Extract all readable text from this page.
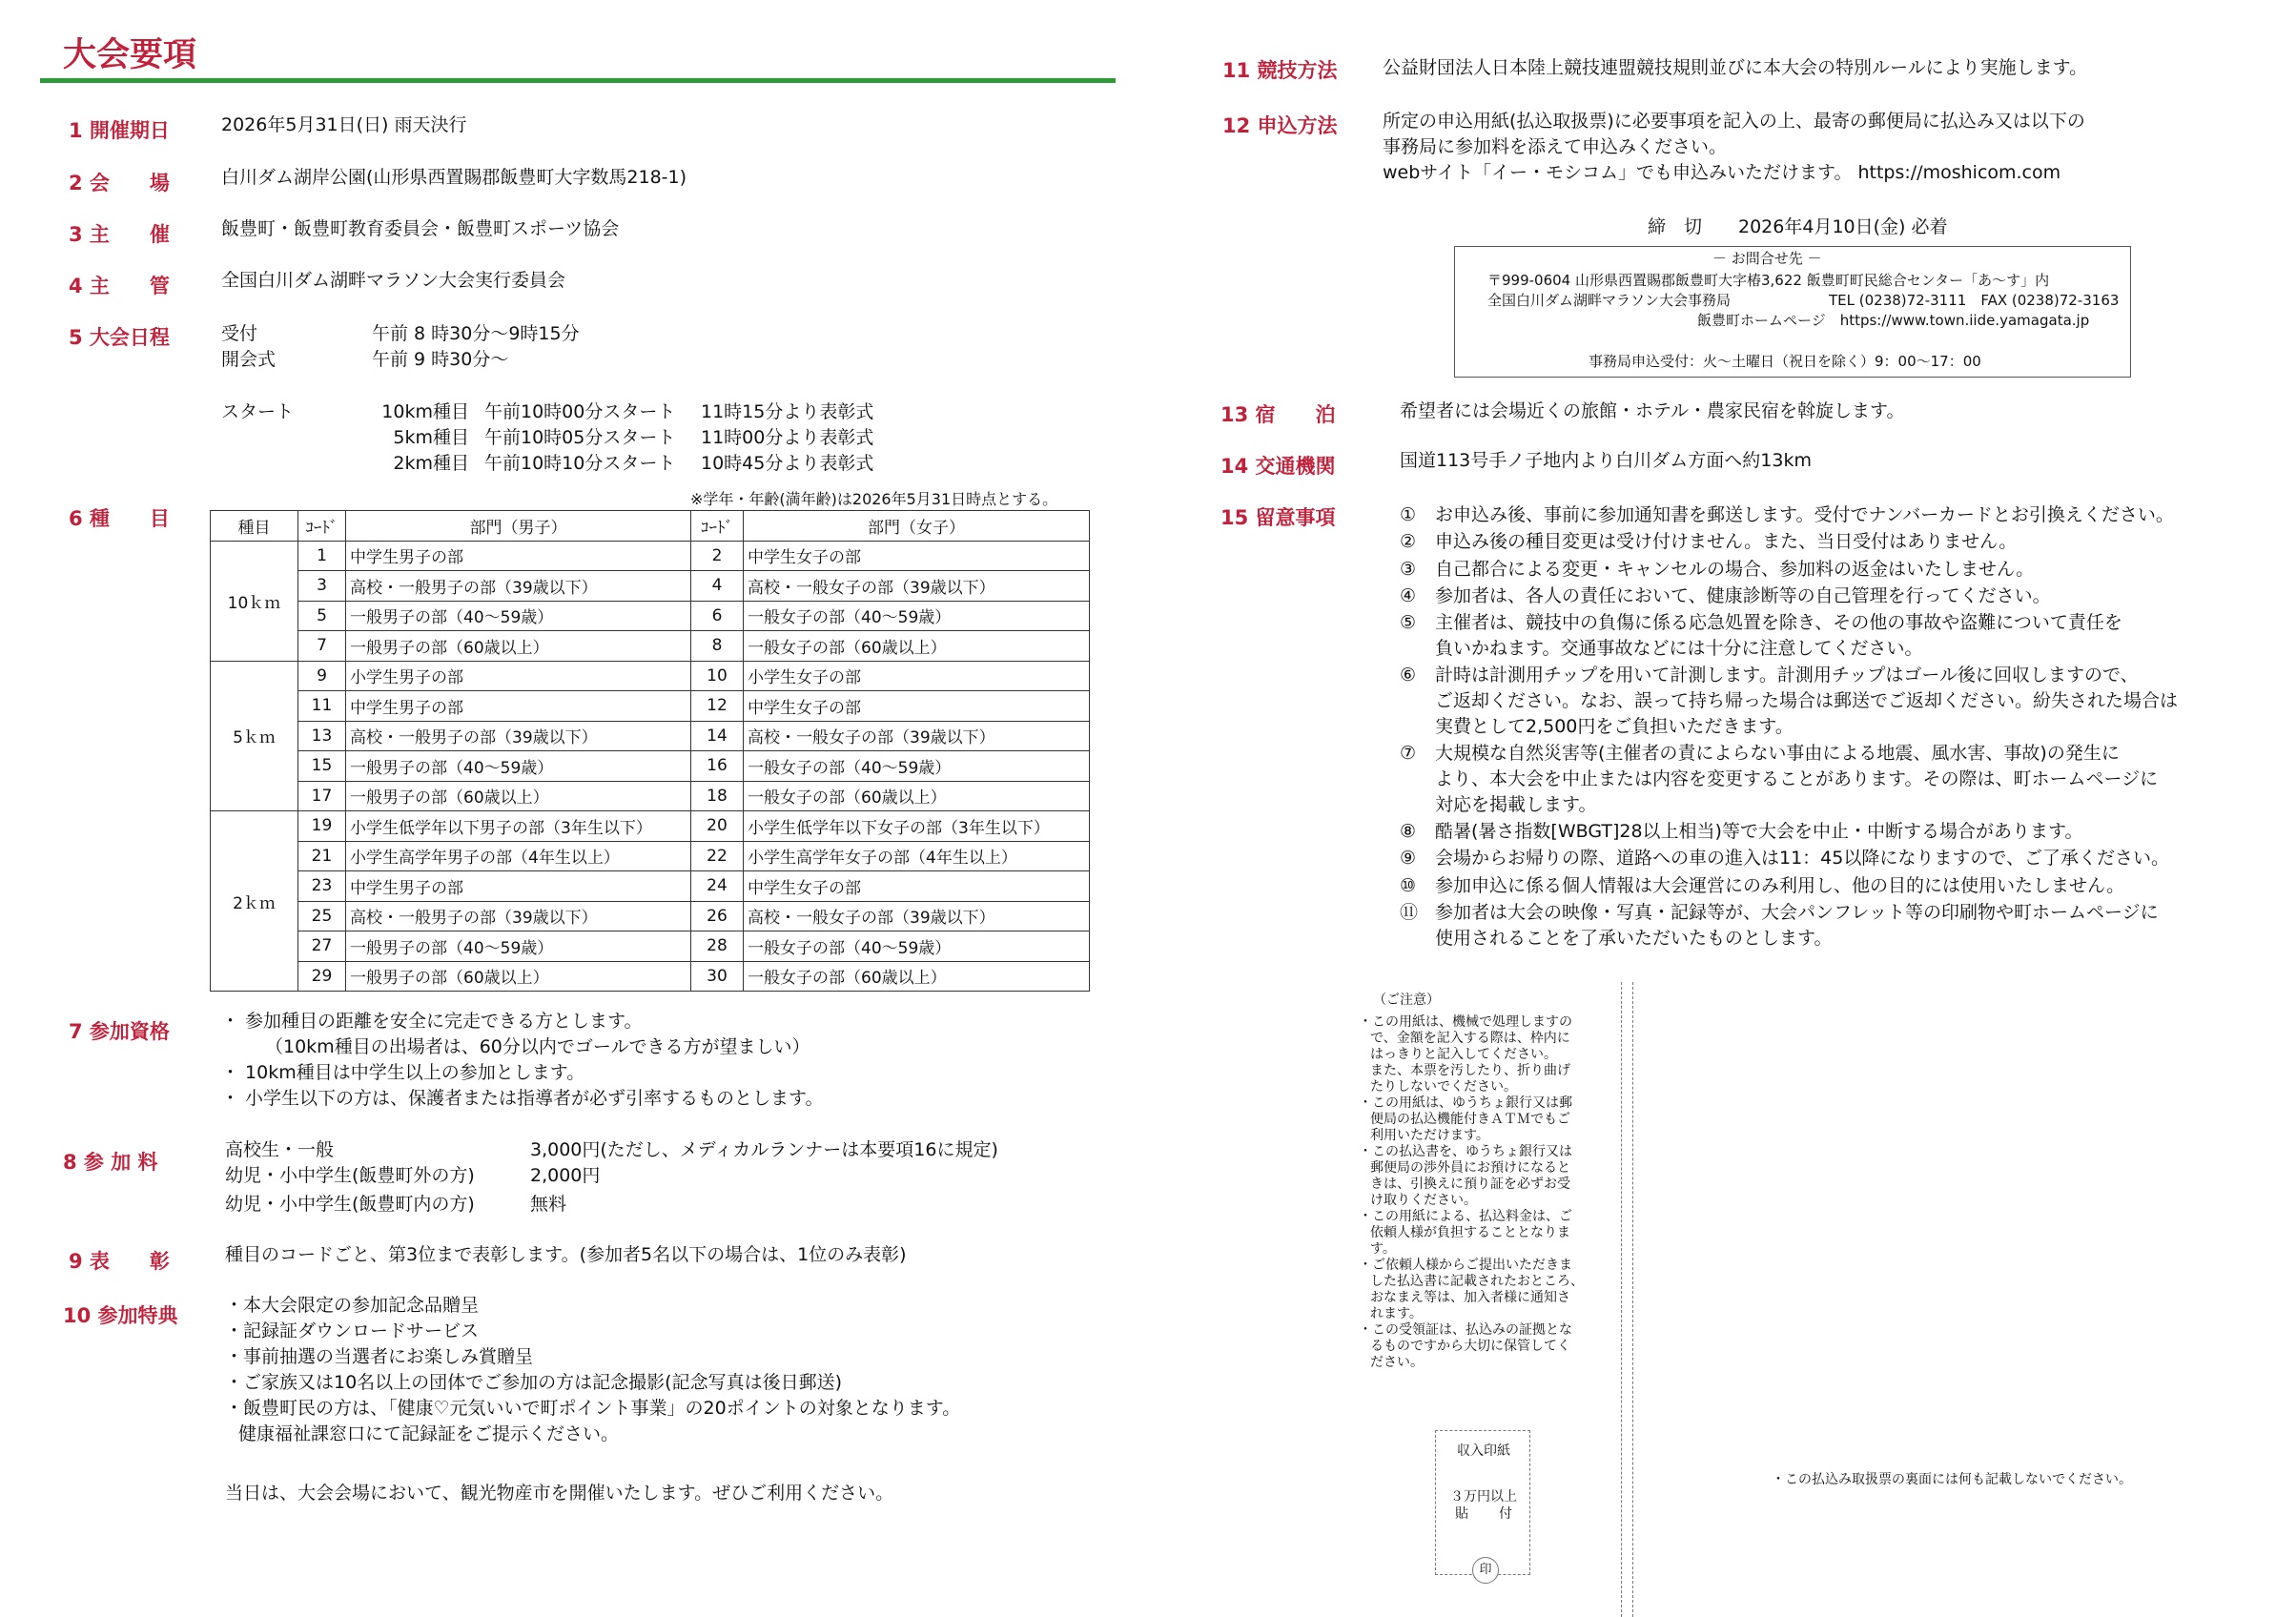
大会要項
1 開催期日	2026年5月31日(日) 雨天決行
2 会　　場	白川ダム湖岸公園(山形県西置賜郡飯豊町大字数馬218-1)
3 主　　催	飯豊町・飯豊町教育委員会・飯豊町スポーツ協会
4 主　　管	全国白川ダム湖畔マラソン大会実行委員会
5 大会日程	受付	午前 8 時30分～9時15分
開会式	午前 9 時30分～
スタート	10km種目 午前10時00分スタート 11時15分より表彰式
5km種目 午前10時05分スタート 11時00分より表彰式
2km種目 午前10時10分スタート 10時45分より表彰式
6 種　　目
※学年・年齢(満年齢)は2026年5月31日時点とする。
種目	ｺｰﾄﾞ	部門（男子）	ｺｰﾄﾞ	部門（女子）
10ｋｍ	1	中学生男子の部	2	中学生女子の部
	3	高校・一般男子の部（39歳以下）	4	高校・一般女子の部（39歳以下）
	5	一般男子の部（40～59歳）	6	一般女子の部（40～59歳）
	7	一般男子の部（60歳以上）	8	一般女子の部（60歳以上）
5ｋｍ	9	小学生男子の部	10	小学生女子の部
	11	中学生男子の部	12	中学生女子の部
	13	高校・一般男子の部（39歳以下）	14	高校・一般女子の部（39歳以下）
	15	一般男子の部（40～59歳）	16	一般女子の部（40～59歳）
	17	一般男子の部（60歳以上）	18	一般女子の部（60歳以上）
2ｋｍ	19	小学生低学年以下男子の部（3年生以下）	20	小学生低学年以下女子の部（3年生以下）
	21	小学生高学年男子の部（4年生以上）	22	小学生高学年女子の部（4年生以上）
	23	中学生男子の部	24	中学生女子の部
	25	高校・一般男子の部（39歳以下）	26	高校・一般女子の部（39歳以下）
	27	一般男子の部（40～59歳）	28	一般女子の部（40～59歳）
	29	一般男子の部（60歳以上）	30	一般女子の部（60歳以上）
7 参加資格	・ 参加種目の距離を安全に完走できる方とします。
（10km種目の出場者は、60分以内でゴールできる方が望ましい）
・ 10km種目は中学生以上の参加とします。
・ 小学生以下の方は、保護者または指導者が必ず引率するものとします。
8 参 加 料
高校生・一般	3,000円(ただし、メディカルランナーは本要項16に規定)
幼児・小中学生(飯豊町外の方)	2,000円
幼児・小中学生(飯豊町内の方)	無料
9 表　　彰	種目のコードごと、第3位まで表彰します。(参加者5名以下の場合は、1位のみ表彰)
10 参加特典	・本大会限定の参加記念品贈呈
・記録証ダウンロードサービス
・事前抽選の当選者にお楽しみ賞贈呈
・ご家族又は10名以上の団体でご参加の方は記念撮影(記念写真は後日郵送)
・飯豊町民の方は、「健康♡元気いいで町ポイント事業」の20ポイントの対象となります。
健康福祉課窓口にて記録証をご提示ください。
当日は、大会会場において、観光物産市を開催いたします。ぜひご利用ください。
11 競技方法 公益財団法人日本陸上競技連盟競技規則並びに本大会の特別ルールにより実施します。
12 申込方法 所定の申込用紙(払込取扱票)に必要事項を記入の上、最寄の郵便局に払込み又は以下の
事務局に参加料を添えて申込みください。
webサイト「イー・モシコム」でも申込みいただけます。 https://moshicom.com
締　切　　2026年4月10日(金) 必着
－ お問合せ先 －
〒999-0604 山形県西置賜郡飯豊町大字椿3,622 飯豊町町民総合センター「あ～す」内
全国白川ダム湖畔マラソン大会事務局	TEL (0238)72-3111　FAX (0238)72-3163
飯豊町ホームページ　https://www.town.iide.yamagata.jp
事務局申込受付：火～土曜日（祝日を除く）9：00～17：00
13 宿　　泊	希望者には会場近くの旅館・ホテル・農家民宿を斡旋します。
14 交通機関	国道113号手ノ子地内より白川ダム方面へ約13km
15 留意事項	① お申込み後、事前に参加通知書を郵送します。受付でナンバーカードとお引換えください。
② 申込み後の種目変更は受け付けません。また、当日受付はありません。
③ 自己都合による変更・キャンセルの場合、参加料の返金はいたしません。
④ 参加者は、各人の責任において、健康診断等の自己管理を行ってください。
⑤ 主催者は、競技中の負傷に係る応急処置を除き、その他の事故や盗難について責任を
負いかねます。交通事故などには十分に注意してください。
⑥ 計時は計測用チップを用いて計測します。計測用チップはゴール後に回収しますので、
ご返却ください。なお、誤って持ち帰った場合は郵送でご返却ください。紛失された場合は
実費として2,500円をご負担いただきます。
⑦ 大規模な自然災害等(主催者の責によらない事由による地震、風水害、事故)の発生に
より、本大会を中止または内容を変更することがあります。その際は、町ホームページに
対応を掲載します。
⑧ 酷暑(暑さ指数[WBGT]28以上相当)等で大会を中止・中断する場合があります。
⑨ 会場からお帰りの際、道路への車の進入は11：45以降になりますので、ご了承ください。
⑩ 参加申込に係る個人情報は大会運営にのみ利用し、他の目的には使用いたしません。
⑪ 参加者は大会の映像・写真・記録等が、大会パンフレット等の印刷物や町ホームページに
使用されることを了承いただいたものとします。
（ご注意）
・この用紙は、機械で処理しますの
で、金額を記入する際は、枠内に
はっきりと記入してください。
また、本票を汚したり、折り曲げ
たりしないでください。
・この用紙は、ゆうちょ銀行又は郵
便局の払込機能付きＡＴＭでもご
利用いただけます。
・この払込書を、ゆうちょ銀行又は
郵便局の渉外員にお預けになると
きは、引換えに預り証を必ずお受
け取りください。
・この用紙による、払込料金は、ご
依頼人様が負担することとなりま
す。
・ご依頼人様からご提出いただきま
した払込書に記載されたおところ、
おなまえ等は、加入者様に通知さ
れます。
・この受領証は、払込みの証拠とな
るものですから大切に保管してく
ださい。
収入印紙
３万円以上
貼 付
印
・この払込み取扱票の裏面には何も記載しないでください。
